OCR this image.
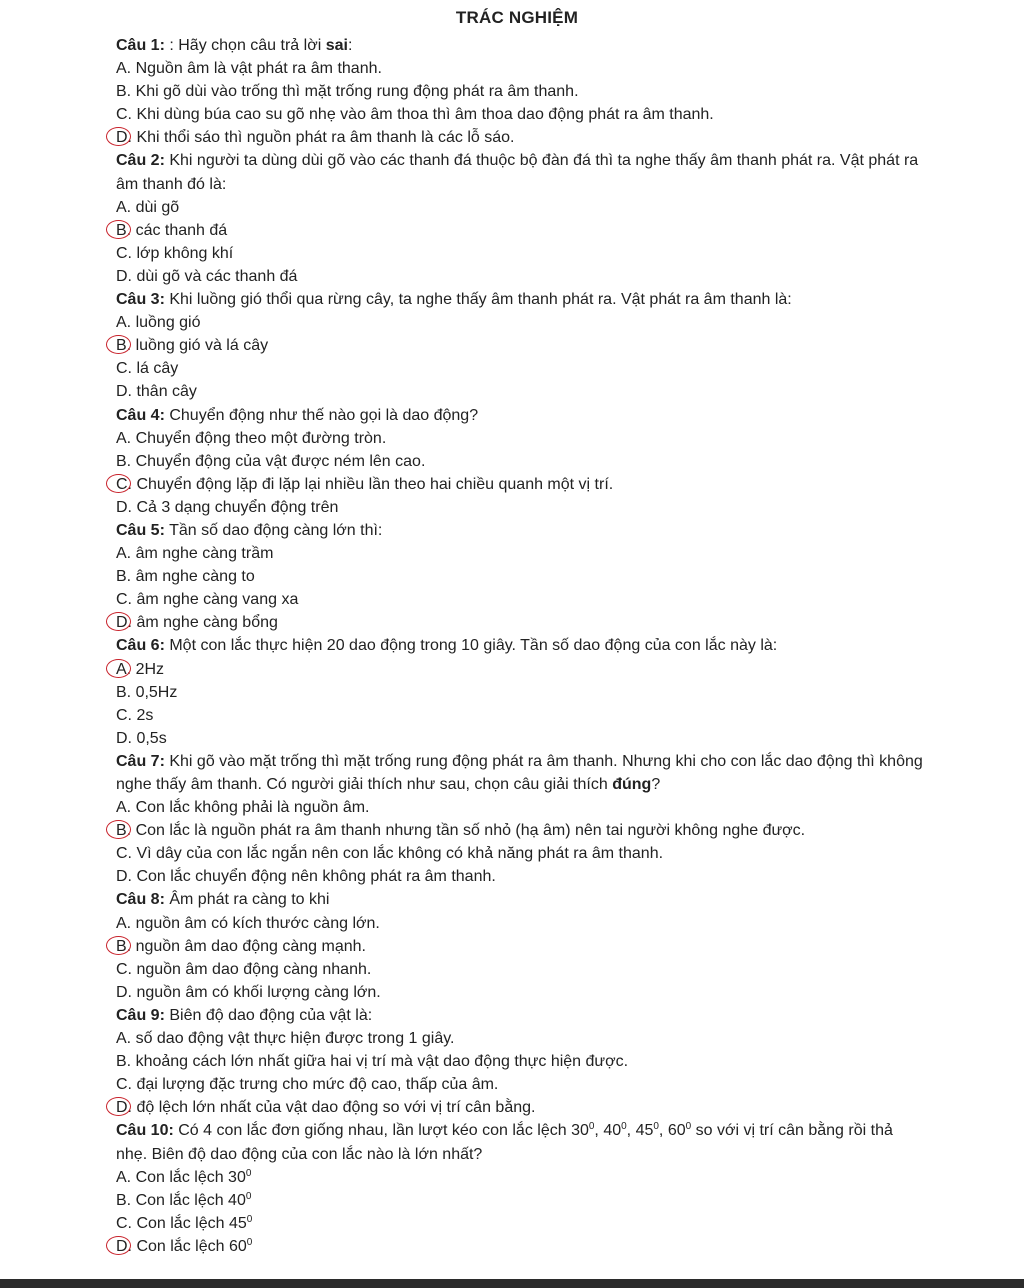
TRÁC NGHIỆM
Câu 1: : Hãy chọn câu trả lời sai:
A. Nguồn âm là vật phát ra âm thanh.
B. Khi gõ dùi vào trống thì mặt trống rung động phát ra âm thanh.
C. Khi dùng búa cao su gõ nhẹ vào âm thoa thì âm thoa dao động phát ra âm thanh.
D. Khi thổi sáo thì nguồn phát ra âm thanh là các lỗ sáo.
Câu 2: Khi người ta dùng dùi gõ vào các thanh đá thuộc bộ đàn đá thì ta nghe thấy âm thanh phát ra. Vật phát ra âm thanh đó là:
A. dùi gõ
B. các thanh đá
C. lớp không khí
D. dùi gõ và các thanh đá
Câu 3: Khi luồng gió thổi qua rừng cây, ta nghe thấy âm thanh phát ra. Vật phát ra âm thanh là:
A. luồng gió
B. luồng gió và lá cây
C. lá cây
D. thân cây
Câu 4: Chuyển động như thế nào gọi là dao động?
A. Chuyển động theo một đường tròn.
B. Chuyển động của vật được ném lên cao.
C. Chuyển động lặp đi lặp lại nhiều lần theo hai chiều quanh một vị trí.
D. Cả 3 dạng chuyển động trên
Câu 5: Tần số dao động càng lớn thì:
A. âm nghe càng trầm
B. âm nghe càng to
C. âm nghe càng vang xa
D. âm nghe càng bổng
Câu 6: Một con lắc thực hiện 20 dao động trong 10 giây. Tần số dao động của con lắc này là:
A. 2Hz
B. 0,5Hz
C. 2s
D. 0,5s
Câu 7: Khi gõ vào mặt trống thì mặt trống rung động phát ra âm thanh. Nhưng khi cho con lắc dao động thì không nghe thấy âm thanh. Có người giải thích như sau, chọn câu giải thích đúng?
A. Con lắc không phải là nguồn âm.
B. Con lắc là nguồn phát ra âm thanh nhưng tần số nhỏ (hạ âm) nên tai người không nghe được.
C. Vì dây của con lắc ngắn nên con lắc không có khả năng phát ra âm thanh.
D. Con lắc chuyển động nên không phát ra âm thanh.
Câu 8: Âm phát ra càng to khi
A. nguồn âm có kích thước càng lớn.
B. nguồn âm dao động càng mạnh.
C. nguồn âm dao động càng nhanh.
D. nguồn âm có khối lượng càng lớn.
Câu 9: Biên độ dao động của vật là:
A. số dao động vật thực hiện được trong 1 giây.
B. khoảng cách lớn nhất giữa hai vị trí mà vật dao động thực hiện được.
C. đại lượng đặc trưng cho mức độ cao, thấp của âm.
D. độ lệch lớn nhất của vật dao động so với vị trí cân bằng.
Câu 10: Có 4 con lắc đơn giống nhau, lần lượt kéo con lắc lệch $30^0$, $40^0$, $45^0$, $60^0$ so với vị trí cân bằng rồi thả nhẹ. Biên độ dao động của con lắc nào là lớn nhất?
A. Con lắc lệch $30^0$
B. Con lắc lệch $40^0$
C. Con lắc lệch $45^0$
D. Con lắc lệch $60^0$
